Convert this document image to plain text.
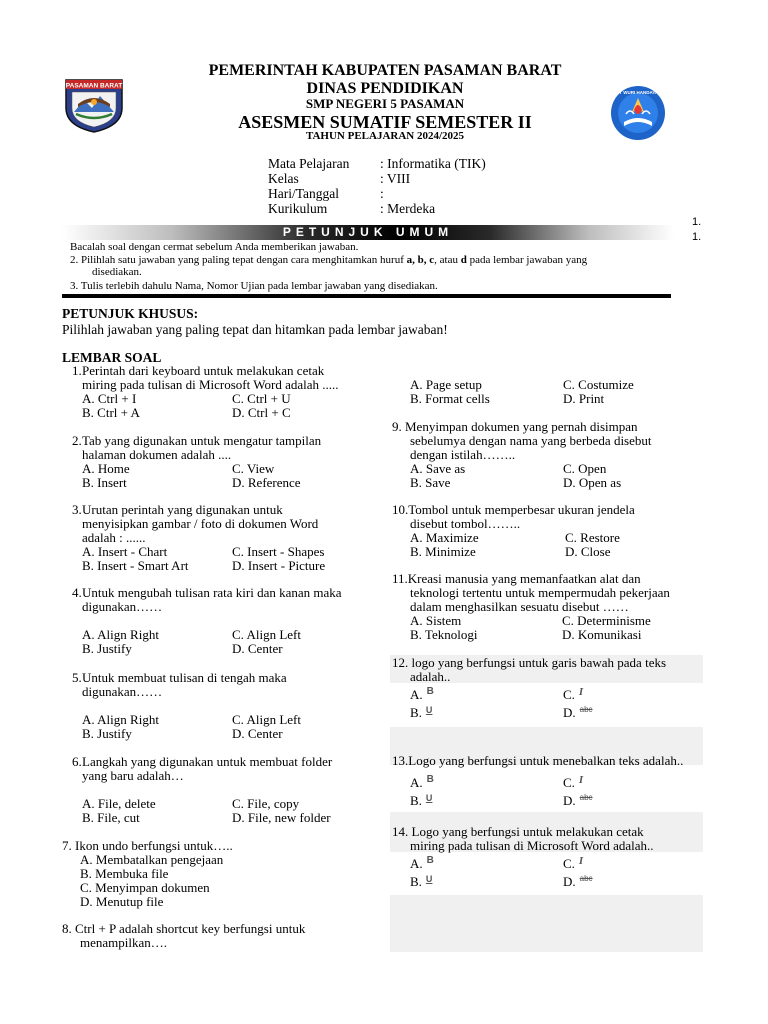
PASAMAN BARAT
TUT WURI HANDAYANI
PEMERINTAH KABUPATEN PASAMAN BARAT
DINAS PENDIDIKAN
SMP NEGERI 5 PASAMAN
ASESMEN SUMATIF SEMESTER II
TAHUN PELAJARAN 2024/2025
Mata Pelajaran	: Informatika (TIK)
Kelas	: VIII
Hari/Tanggal	:
Kurikulum	: Merdeka
1.
1.
PETUNJUK UMUM
Bacalah soal dengan cermat sebelum Anda memberikan jawaban.
2. Pilihlah satu jawaban yang paling tepat dengan cara menghitamkan huruf a, b, c, atau d pada lembar jawaban yang
disediakan.
3. Tulis terlebih dahulu Nama, Nomor Ujian pada lembar jawaban yang disediakan.
PETUNJUK KHUSUS:
Pilihlah jawaban yang paling tepat dan hitamkan pada lembar jawaban!
LEMBAR SOAL
1. Perintah dari keyboard untuk melakukan cetak
miring pada tulisan di Microsoft Word adalah .....
A. Ctrl + I	C. Ctrl + U
B. Ctrl + A	D. Ctrl + C
2. Tab yang digunakan untuk mengatur tampilan
halaman dokumen adalah ....
A. Home	C. View
B. Insert	D. Reference
3. Urutan perintah yang digunakan untuk
menyisipkan gambar / foto di dokumen Word
adalah : ......
A. Insert - Chart	C. Insert - Shapes
B. Insert - Smart Art	D. Insert - Picture
4. Untuk mengubah tulisan rata kiri dan kanan maka
digunakan……
A. Align Right	C. Align Left
B. Justify	D. Center
5. Untuk membuat tulisan di tengah maka
digunakan……
A. Align Right	C. Align Left
B. Justify	D. Center
6. Langkah yang digunakan untuk membuat folder
yang baru adalah…
A. File, delete	C. File, copy
B. File, cut	D. File, new folder
7. Ikon undo berfungsi untuk…..
A. Membatalkan pengejaan
B. Membuka file
C. Menyimpan dokumen
D. Menutup file
8. Ctrl + P adalah shortcut key berfungsi untuk
menampilkan….
A. Page setup	C. Costumize
B. Format cells	D. Print
9. Menyimpan dokumen yang pernah disimpan
sebelumya dengan nama yang berbeda disebut
dengan istilah……..
A. Save as	C. Open
B. Save	D. Open as
10.Tombol untuk memperbesar ukuran jendela
disebut tombol……..
A. Maximize	C. Restore
B. Minimize	D. Close
11.Kreasi manusia yang memanfaatkan alat dan
teknologi tertentu untuk mempermudah pekerjaan
dalam menghasilkan sesuatu disebut ……
A. Sistem	C. Determinisme
B. Teknologi	D. Komunikasi
12. logo yang berfungsi untuk garis bawah pada teks
adalah..
A. B	C. I
B. U	D. abc
13.Logo yang berfungsi untuk menebalkan teks adalah..
A. B	C. I
B. U	D. abc
14. Logo yang berfungsi untuk melakukan cetak
miring pada tulisan di Microsoft Word adalah..
A. B	C. I
B. U	D. abc
